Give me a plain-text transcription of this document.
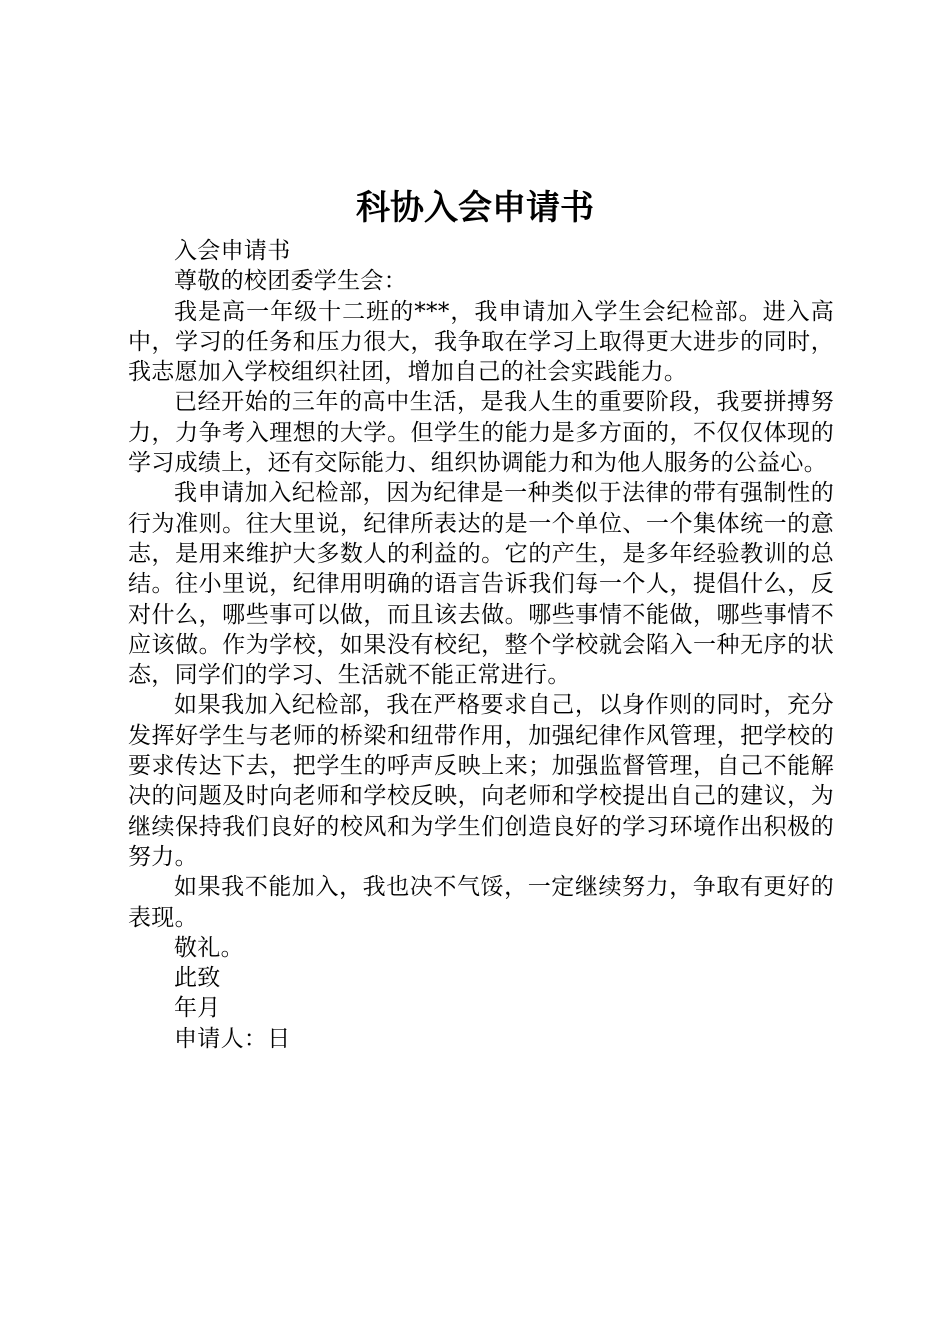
科协入会申请书

入会申请书

尊敬的校团委学生会：

我是高一年级十二班的***，我申请加入学生会纪检部。进入高中，学习的任务和压力很大，我争取在学习上取得更大进步的同时，我志愿加入学校组织社团，增加自己的社会实践能力。

已经开始的三年的高中生活，是我人生的重要阶段，我要拼搏努力，力争考入理想的大学。但学生的能力是多方面的，不仅仅体现的学习成绩上，还有交际能力、组织协调能力和为他人服务的公益心。

我申请加入纪检部，因为纪律是一种类似于法律的带有强制性的行为准则。往大里说，纪律所表达的是一个单位、一个集体统一的意志，是用来维护大多数人的利益的。它的产生，是多年经验教训的总结。往小里说，纪律用明确的语言告诉我们每一个人，提倡什么，反对什么，哪些事可以做，而且该去做。哪些事情不能做，哪些事情不应该做。作为学校，如果没有校纪，整个学校就会陷入一种无序的状态，同学们的学习、生活就不能正常进行。

如果我加入纪检部，我在严格要求自己，以身作则的同时，充分发挥好学生与老师的桥梁和纽带作用，加强纪律作风管理，把学校的要求传达下去，把学生的呼声反映上来；加强监督管理，自己不能解决的问题及时向老师和学校反映，向老师和学校提出自己的建议，为继续保持我们良好的校风和为学生们创造良好的学习环境作出积极的努力。

如果我不能加入，我也决不气馁，一定继续努力，争取有更好的表现。

敬礼。

此致

年月

申请人：日
